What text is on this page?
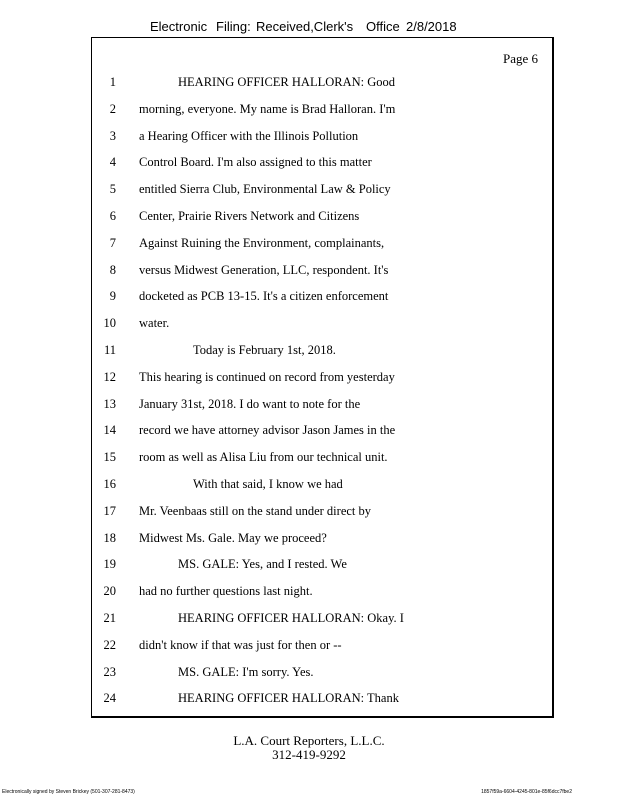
Electronic Filing: Received,Clerk's Office 2/8/2018
Page 6
1	HEARING OFFICER HALLORAN: Good
2 morning, everyone. My name is Brad Halloran. I'm
3 a Hearing Officer with the Illinois Pollution
4 Control Board. I'm also assigned to this matter
5 entitled Sierra Club, Environmental Law & Policy
6 Center, Prairie Rivers Network and Citizens
7 Against Ruining the Environment, complainants,
8 versus Midwest Generation, LLC, respondent. It's
9 docketed as PCB 13-15. It's a citizen enforcement
10 water.
11	Today is February 1st, 2018.
12 This hearing is continued on record from yesterday
13 January 31st, 2018. I do want to note for the
14 record we have attorney advisor Jason James in the
15 room as well as Alisa Liu from our technical unit.
16	With that said, I know we had
17 Mr. Veenbaas still on the stand under direct by
18 Midwest Ms. Gale. May we proceed?
19	MS. GALE: Yes, and I rested. We
20 had no further questions last night.
21	HEARING OFFICER HALLORAN: Okay. I
22 didn't know if that was just for then or --
23	MS. GALE: I'm sorry. Yes.
24	HEARING OFFICER HALLORAN: Thank
L.A. Court Reporters, L.L.C.
312-419-9292
Electronically signed by Steven Brickey (501-307-281-8473)	1857f59a-6604-4245-801e-85f6dcc7fbe2
